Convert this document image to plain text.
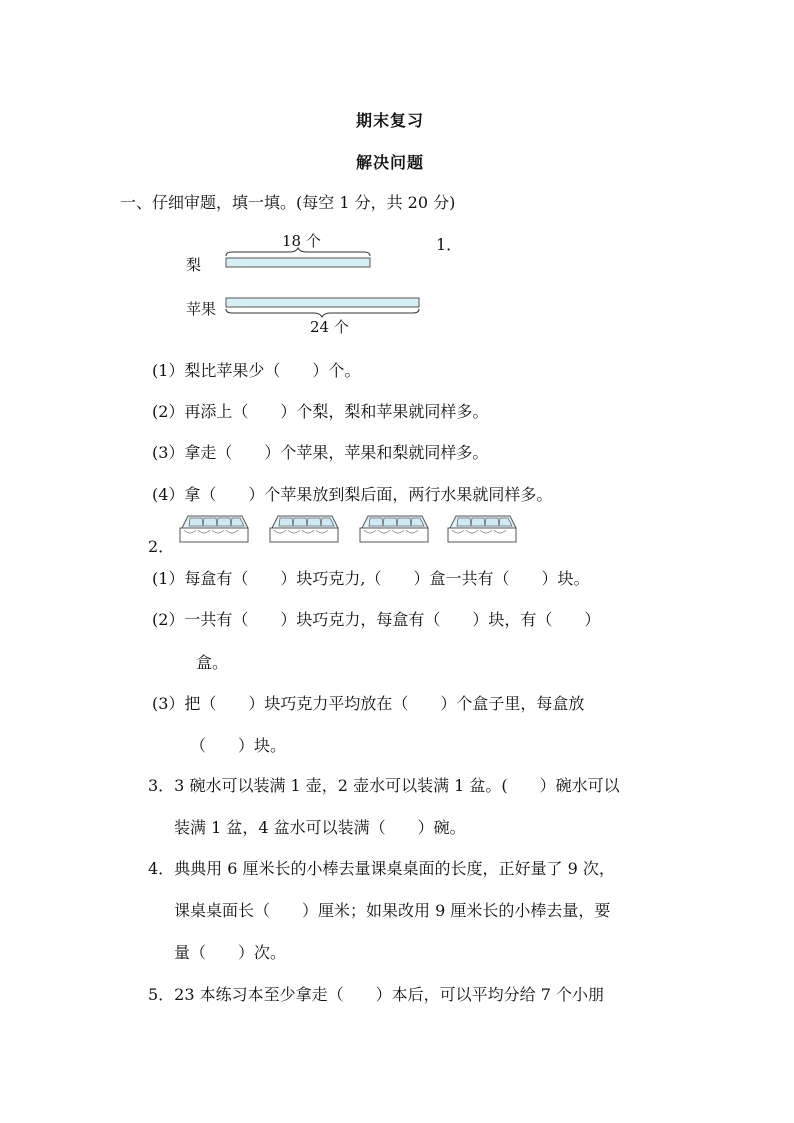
期末复习
解决问题
一、仔细审题，填一填。(每空 1 分，共 20 分)
1．
18 个
梨
苹果
24 个
(1）梨比苹果少（　　）个。
(2）再添上（　　）个梨，梨和苹果就同样多。
(3）拿走（　　）个苹果，苹果和梨就同样多。
(4）拿（　　）个苹果放到梨后面，两行水果就同样多。
2．
(1）每盒有（　　）块巧克力,（　　）盒一共有（　　）块。
(2）一共有（　　）块巧克力，每盒有（　　）块，有（　　）
盒。
(3）把（　　）块巧克力平均放在（　　）个盒子里，每盒放
（　　）块。
3．3 碗水可以装满 1 壶，2 壶水可以装满 1 盆。(　　）碗水可以
装满 1 盆，4 盆水可以装满（　　）碗。
4．典典用 6 厘米长的小棒去量课桌桌面的长度，正好量了 9 次，
课桌桌面长（　　）厘米；如果改用 9 厘米长的小棒去量，要
量（　　）次。
5．23 本练习本至少拿走（　　）本后，可以平均分给 7 个小朋
